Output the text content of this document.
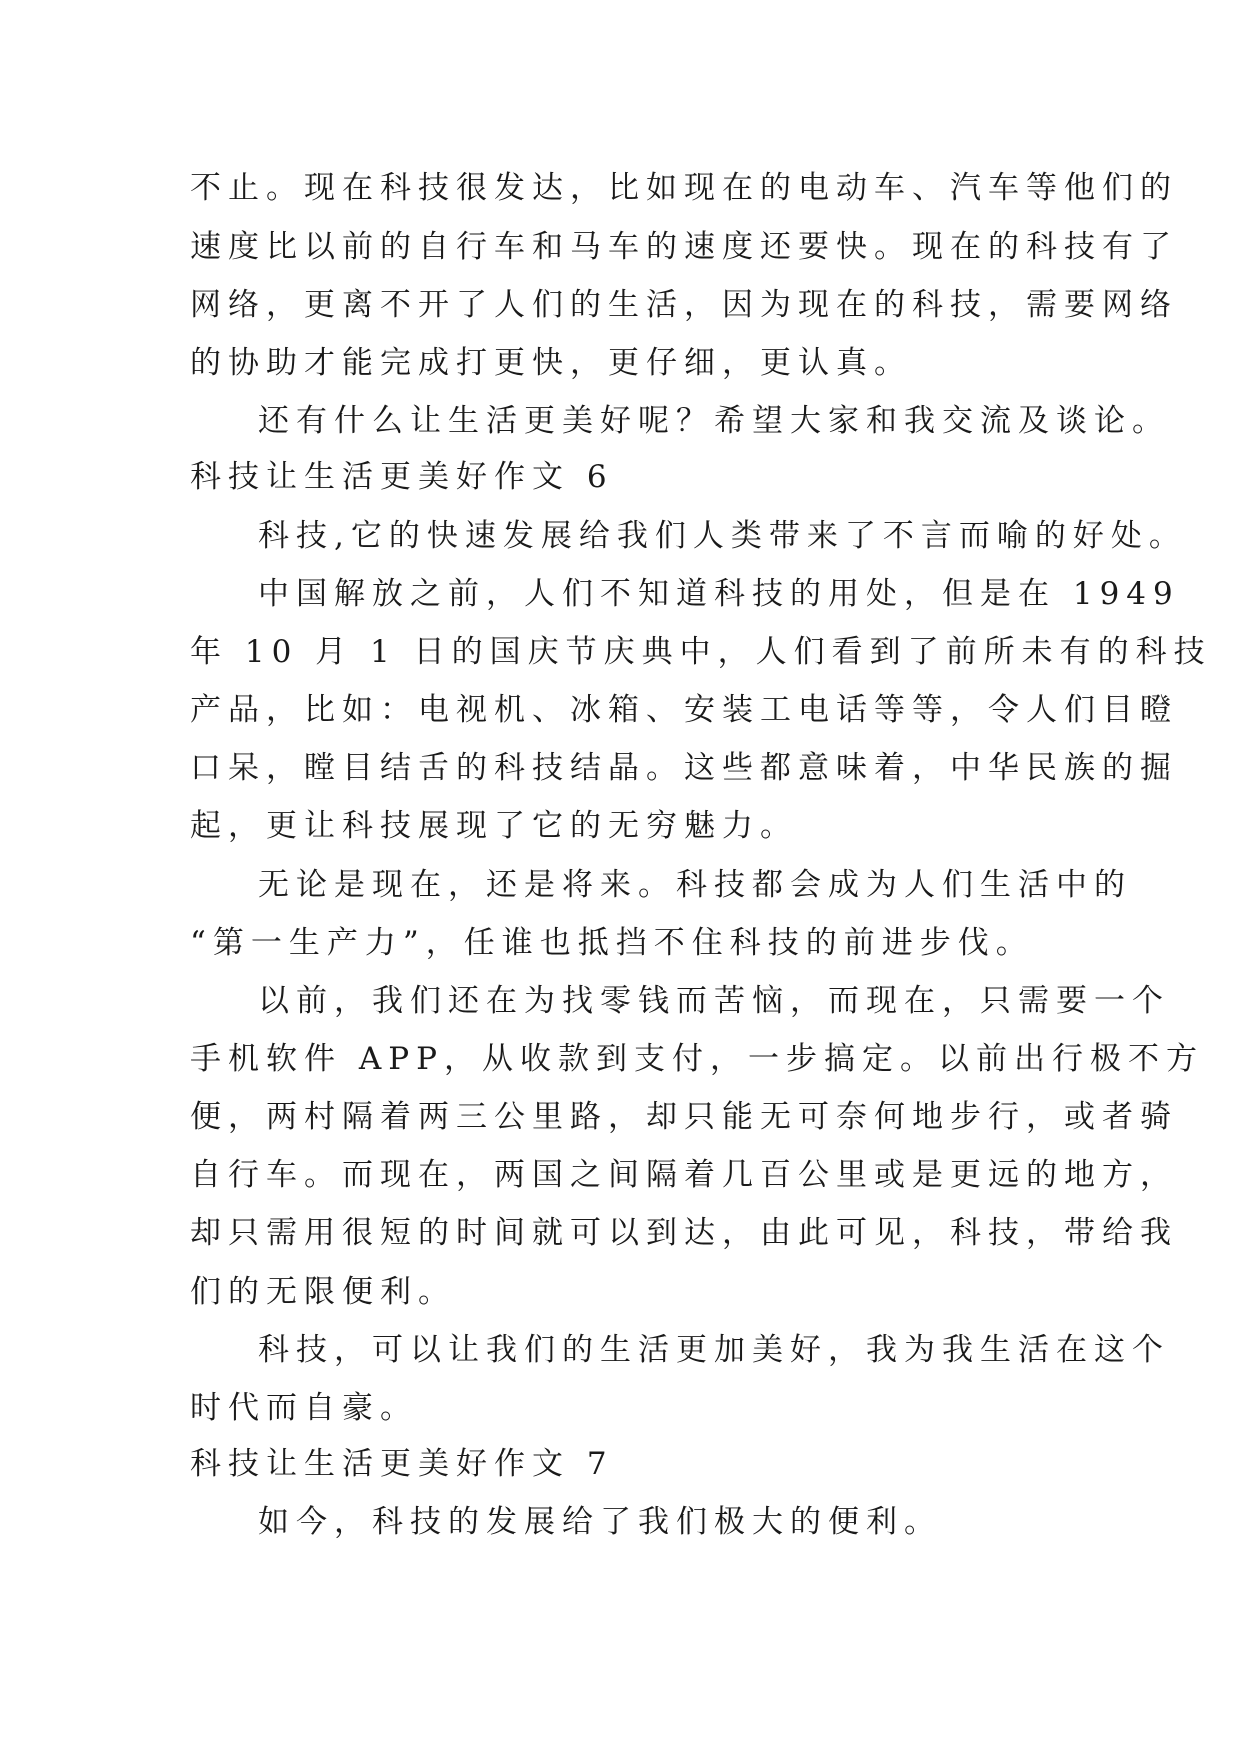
不止。现在科技很发达，比如现在的电动车、汽车等他们的
速度比以前的自行车和马车的速度还要快。现在的科技有了
网络，更离不开了人们的生活，因为现在的科技，需要网络
的协助才能完成打更快，更仔细，更认真。
还有什么让生活更美好呢？希望大家和我交流及谈论。
科技让生活更美好作文 6
科技,它的快速发展给我们人类带来了不言而喻的好处。
中国解放之前，人们不知道科技的用处，但是在 1949
年 10 月 1 日的国庆节庆典中，人们看到了前所未有的科技
产品，比如：电视机、冰箱、安装工电话等等，令人们目瞪
口呆，瞠目结舌的科技结晶。这些都意味着，中华民族的掘
起，更让科技展现了它的无穷魅力。
无论是现在，还是将来。科技都会成为人们生活中的
“第一生产力”，任谁也抵挡不住科技的前进步伐。
以前，我们还在为找零钱而苦恼，而现在，只需要一个
手机软件 APP，从收款到支付，一步搞定。以前出行极不方
便，两村隔着两三公里路，却只能无可奈何地步行，或者骑
自行车。而现在，两国之间隔着几百公里或是更远的地方，
却只需用很短的时间就可以到达，由此可见，科技，带给我
们的无限便利。
科技，可以让我们的生活更加美好，我为我生活在这个
时代而自豪。
科技让生活更美好作文 7
如今，科技的发展给了我们极大的便利。
